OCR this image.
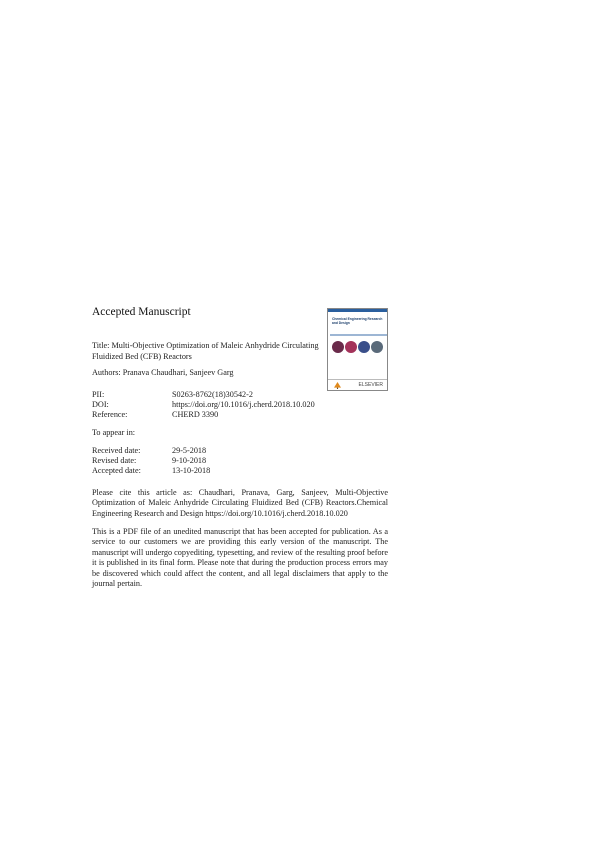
Accepted Manuscript
Chemical Engineering Research and Design
ELSEVIER
Title: Multi-Objective Optimization of Maleic Anhydride Circulating Fluidized Bed (CFB) Reactors
Authors: Pranava Chaudhari, Sanjeev Garg
PII:	S0263-8762(18)30542-2
DOI:	https://doi.org/10.1016/j.cherd.2018.10.020
Reference:	CHERD 3390
To appear in:
Received date:	29-5-2018
Revised date:	9-10-2018
Accepted date:	13-10-2018
Please cite this article as: Chaudhari, Pranava, Garg, Sanjeev, Multi-Objective Optimization of Maleic Anhydride Circulating Fluidized Bed (CFB) Reactors.Chemical Engineering Research and Design https://doi.org/10.1016/j.cherd.2018.10.020
This is a PDF file of an unedited manuscript that has been accepted for publication. As a service to our customers we are providing this early version of the manuscript. The manuscript will undergo copyediting, typesetting, and review of the resulting proof before it is published in its final form. Please note that during the production process errors may be discovered which could affect the content, and all legal disclaimers that apply to the journal pertain.
